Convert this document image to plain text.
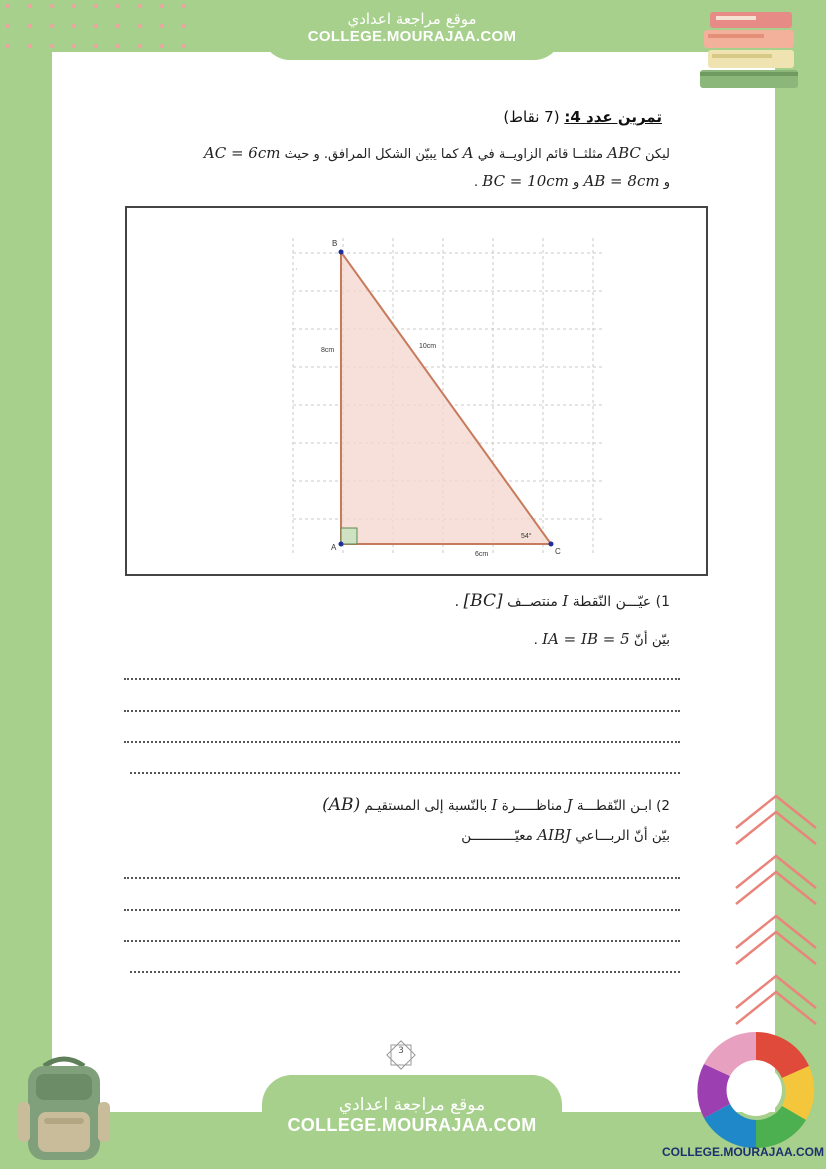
موقع مراجعة اعدادي
COLLEGE.MOURAJAA.COM
تمرين عدد 4: (7 نقاط)
ليكن ABC مثلثــا قائم الزاويــة في A كما يبيّن الشكل المرافق. و حيث AC = 6cm
و AB = 8cm و BC = 10cm .
B
A	C
8cm
10cm
6cm
54°
·
1) عيّـــن النّقطة I منتصــف [BC] .
بيّن أنّ IA = IB = 5 .
2) ابـن النّقطـــة J مناظـــــرة I بالنّسبة إلى المستقيـم (AB)
بيّن أنّ الربـــاعي AIBJ معيّـــــــــــن
3
موقع مراجعة اعدادي
COLLEGE.MOURAJAA.COM
COLLEGE.MOURAJAA.COM
